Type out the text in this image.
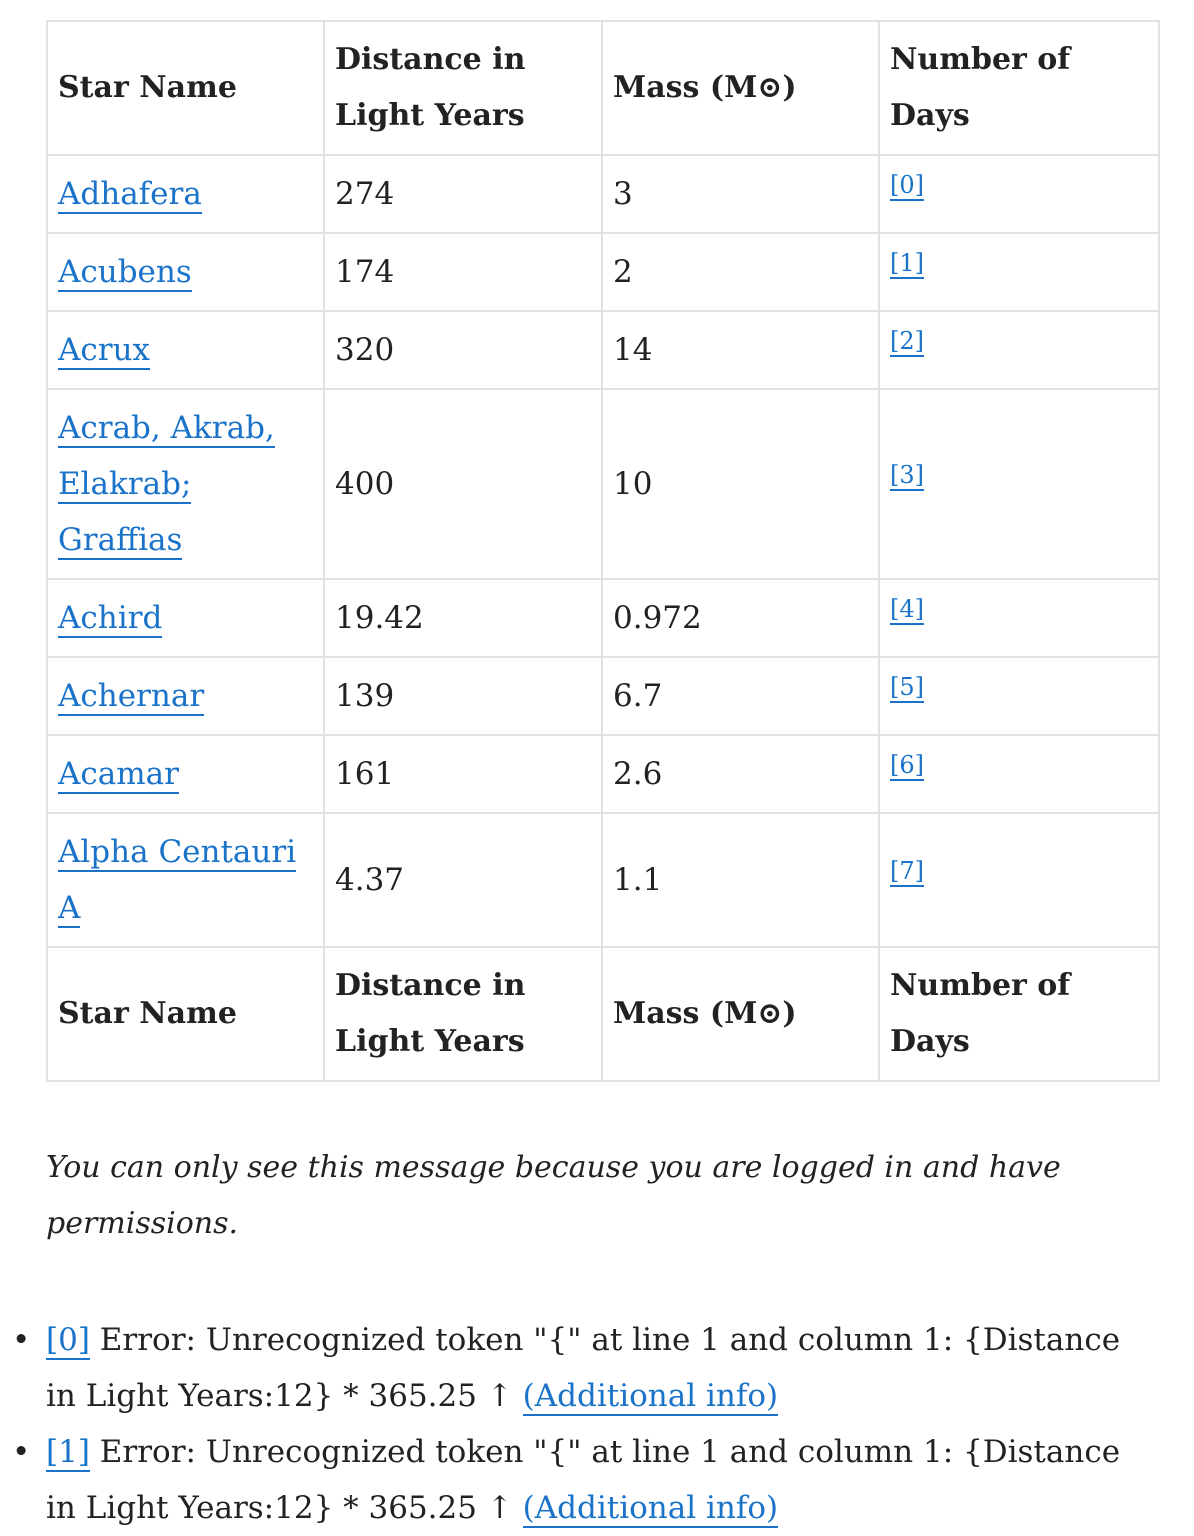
Star Name	Distance in Light Years	Mass (M⊙)	Number of Days
Adhafera	274	3	[0]
Acubens	174	2	[1]
Acrux	320	14	[2]
Acrab, Akrab, Elakrab; Graffias	400	10	[3]
Achird	19.42	0.972	[4]
Achernar	139	6.7	[5]
Acamar	161	2.6	[6]
Alpha Centauri A	4.37	1.1	[7]
Star Name	Distance in Light Years	Mass (M⊙)	Number of Days
You can only see this message because you are logged in and have permissions.
• [0] Error: Unrecognized token "{" at line 1 and column 1: {Distance in Light Years:12} * 365.25 ↑ (Additional info)
• [1] Error: Unrecognized token "{" at line 1 and column 1: {Distance in Light Years:12} * 365.25 ↑ (Additional info)
